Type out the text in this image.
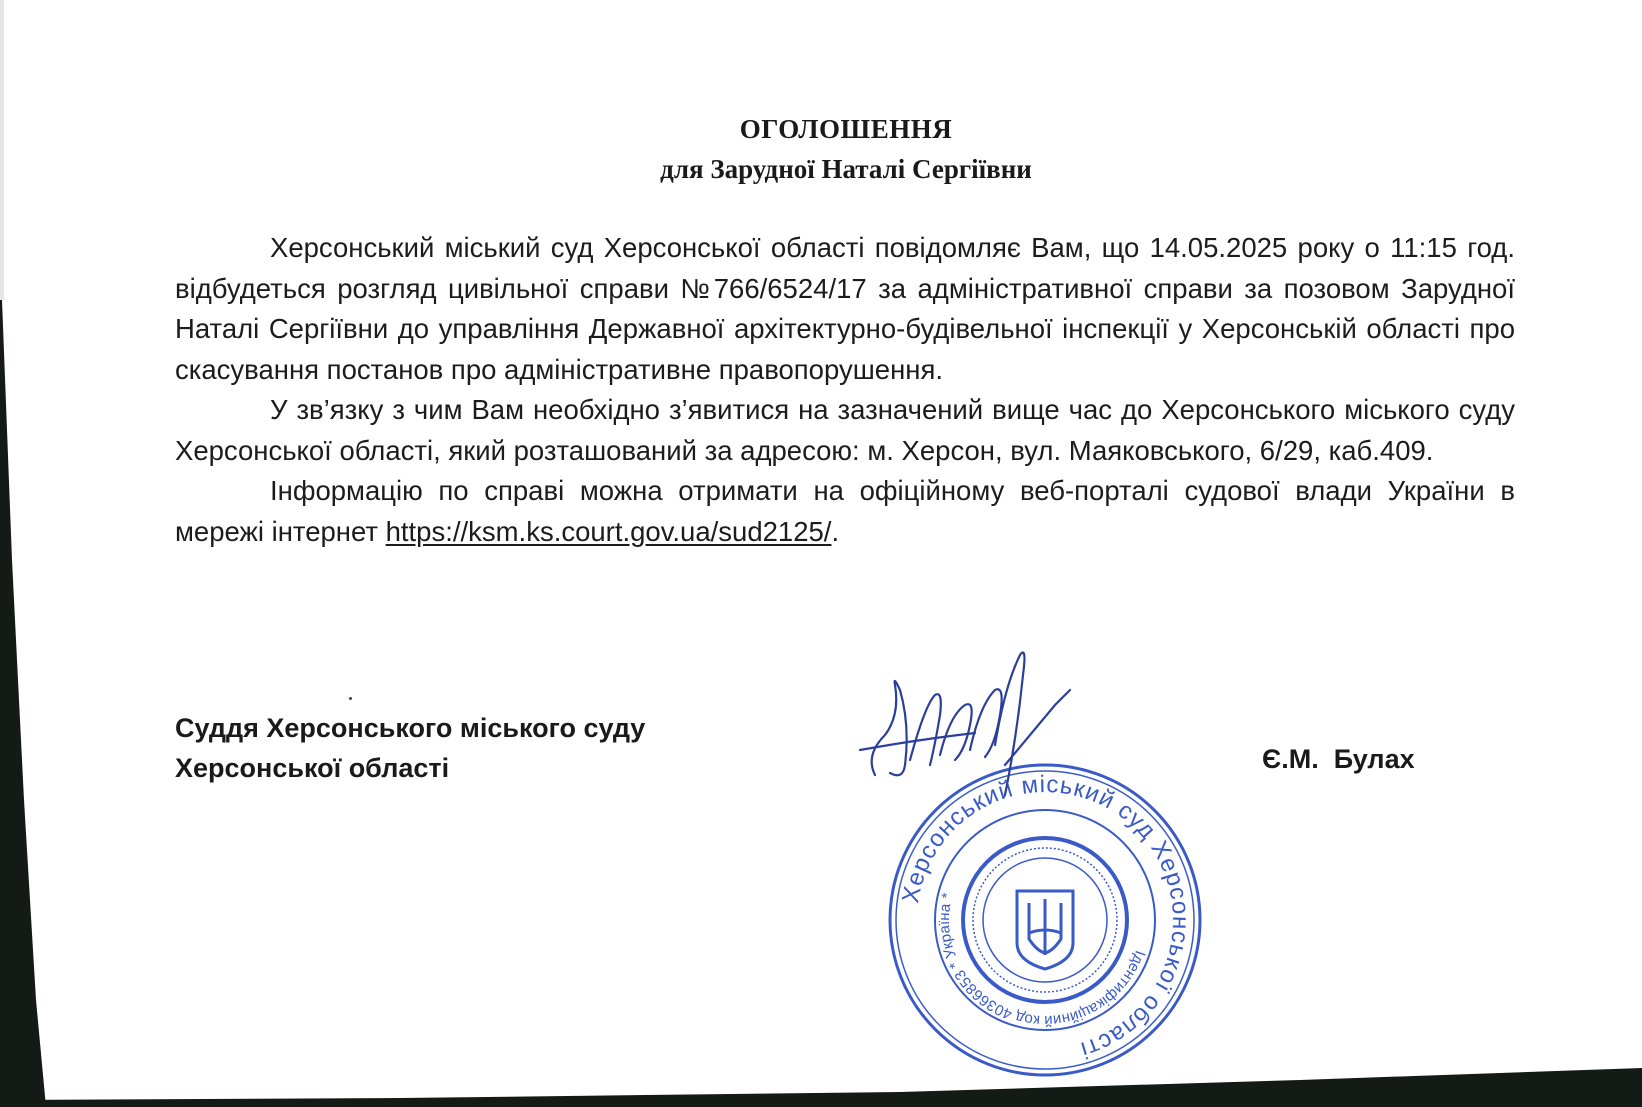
ОГОЛОШЕННЯ
для Зарудної Наталі Сергіївни

Херсонський міський суд Херсонської області повідомляє Вам, що 14.05.2025 року о 11:15 год. відбудеться розгляд цивільної справи №766/6524/17 за адміністративної справи за позовом Зарудної Наталі Сергіївни до управління Державної архітектурно-будівельної інспекції у Херсонській області про скасування постанов про адміністративне правопорушення.

У зв’язку з чим Вам необхідно з’явитися на зазначений вище час до Херсонського міського суду Херсонської області, який розташований за адресою: м. Херсон, вул. Маяковського, 6/29, каб.409.

Інформацію по справі можна отримати на офіційному веб-порталі судової влади України в мережі інтернет https://ksm.ks.court.gov.ua/sud2125/.

Суддя Херсонського міського суду
Херсонської області
Херсонський міський суд Херсонської області
Ідентифікаційний код 40366853 * Україна *
Є.М.  Булах
